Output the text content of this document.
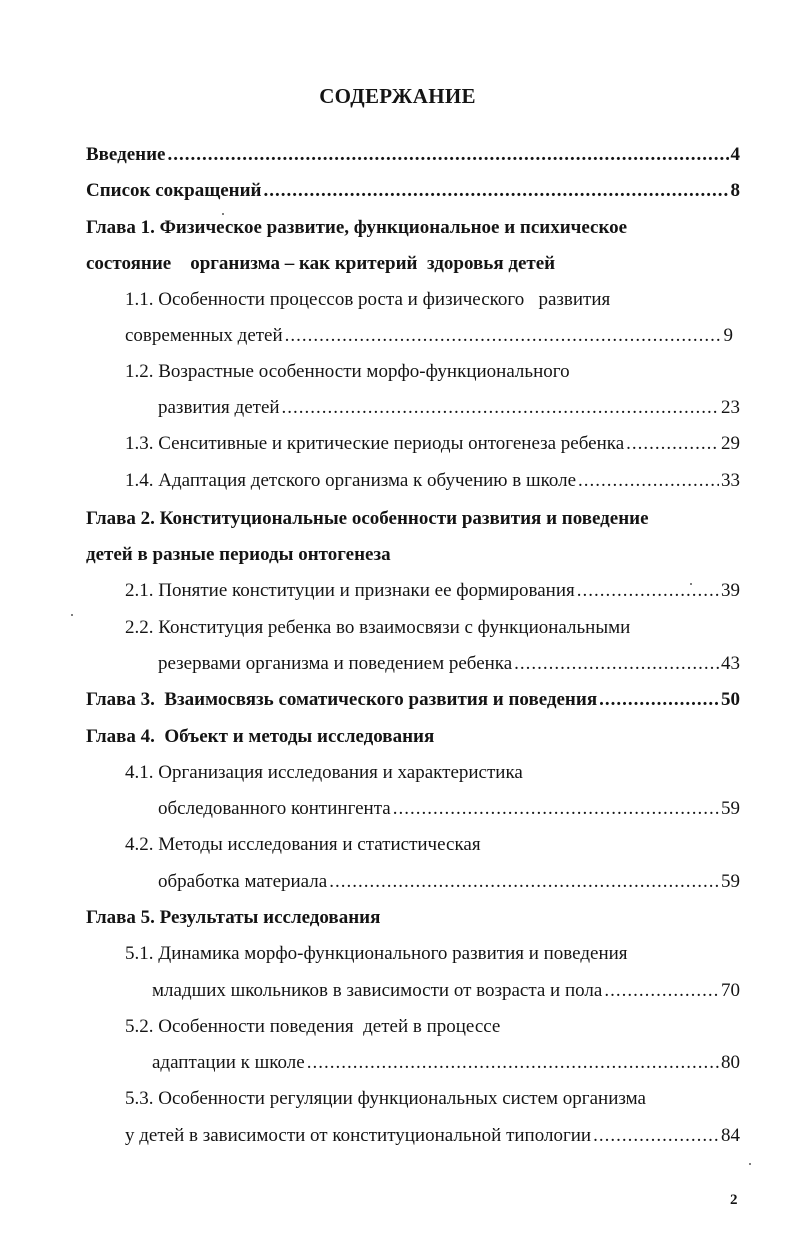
СОДЕРЖАНИЕ
Введение .....	4
Список сокращений .....	8
Глава 1. Физическое развитие, функциональное и психическое
состояние    организма – как критерий  здоровья детей
1.1. Особенности процессов роста и физического   развития
современных детей .....	9
1.2. Возрастные особенности морфо-функционального
развития детей .....	23
1.3. Сенситивные и критические периоды онтогенеза ребенка .....	29
1.4. Адаптация детского организма к обучению в школе .....	33
Глава 2. Конституциональные особенности развития и поведение
детей в разные периоды онтогенеза
2.1. Понятие конституции и признаки ее формирования .....	39
2.2. Конституция ребенка во взаимосвязи с функциональными
резервами организма и поведением ребенка .....	43
Глава 3.  Взаимосвязь соматического развития и поведения .....	50
Глава 4.  Объект и методы исследования
4.1. Организация исследования и характеристика
обследованного контингента .....	59
4.2. Методы исследования и статистическая
обработка материала .....	59
Глава 5. Результаты исследования
5.1. Динамика морфо-функционального развития и поведения
младших школьников в зависимости от возраста и пола .....	70
5.2. Особенности поведения  детей в процессе
адаптации к школе .....	80
5.3. Особенности регуляции функциональных систем организма
у детей в зависимости от конституциональной типологии .....	84
2
